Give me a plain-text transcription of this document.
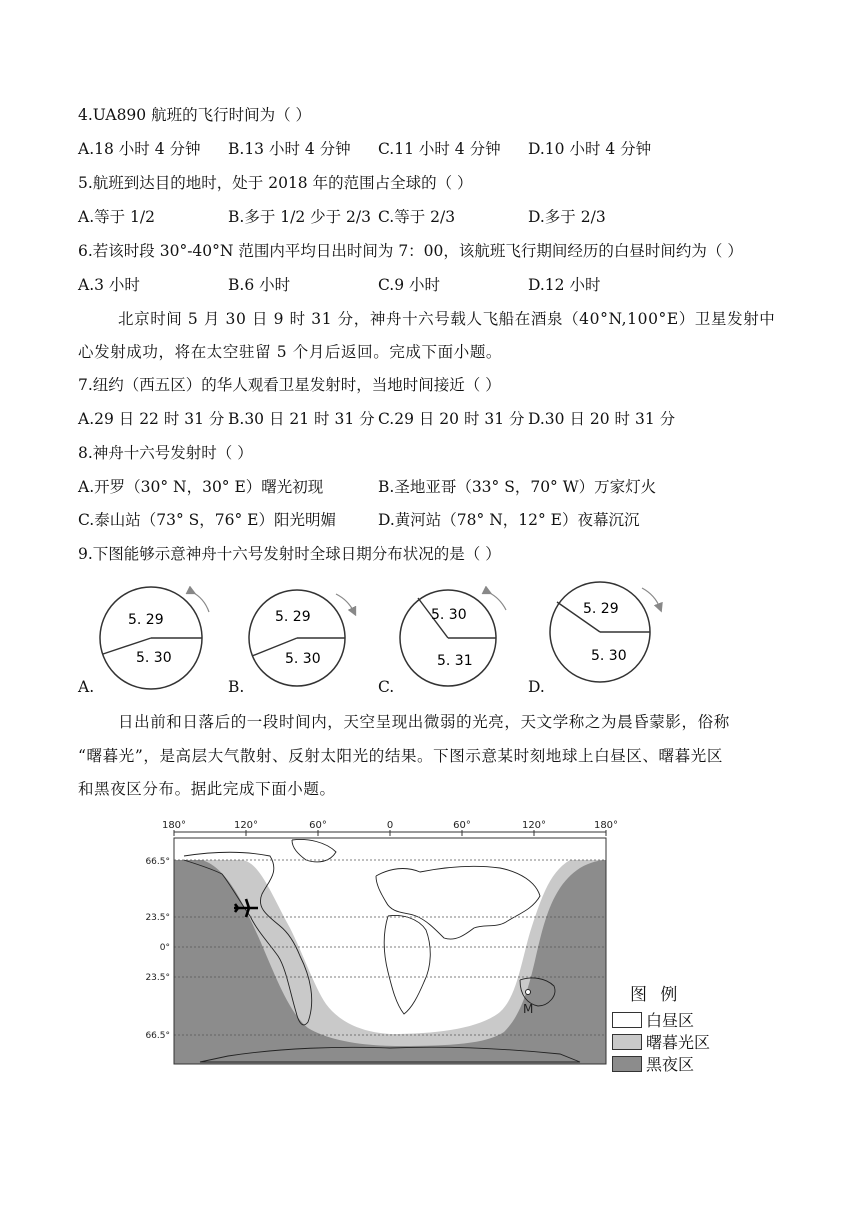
4.UA890 航班的飞行时间为（ ）
A.18 小时 4 分钟 B.13 小时 4 分钟 C.11 小时 4 分钟 D.10 小时 4 分钟
5.航班到达目的地时，处于 2018 年的范围占全球的（ ）
A.等于 1/2	B.多于 1/2 少于 2/3 C.等于 2/3	D.多于 2/3
6.若该时段 30°-40°N 范围内平均日出时间为 7：00，该航班飞行期间经历的白昼时间约为（ ）
A.3 小时	B.6 小时	C.9 小时	D.12 小时
北京时间 5 月 30 日 9 时 31 分，神舟十六号载人飞船在酒泉（40°N,100°E）卫星发射中
心发射成功，将在太空驻留 5 个月后返回。完成下面小题。
7.纽约（西五区）的华人观看卫星发射时，当地时间接近（ ）
A.29 日 22 时 31 分 B.30 日 21 时 31 分 C.29 日 20 时 31 分 D.30 日 20 时 31 分
8.神舟十六号发射时（ ）
A.开罗（30° N，30° E）曙光初现	B.圣地亚哥（33° S，70° W）万家灯火
C.泰山站（73° S，76° E）阳光明媚	D.黄河站（78° N，12° E）夜幕沉沉
9.下图能够示意神舟十六号发射时全球日期分布状况的是（ ）
5. 29
5. 30
5. 29
5. 30
5. 30
5. 31
5. 29
5. 30
A.	B.	C.	D.
日出前和日落后的一段时间内，天空呈现出微弱的光亮，天文学称之为晨昏蒙影，俗称
“曙暮光”，是高层大气散射、反射太阳光的结果。下图示意某时刻地球上白昼区、曙暮光区
和黑夜区分布。据此完成下面小题。
180°	120°	60°	0	60°	120°	180°
66.5°
23.5°
0°
23.5°
66.5°
M
图 例
白昼区
曙暮光区
黑夜区
